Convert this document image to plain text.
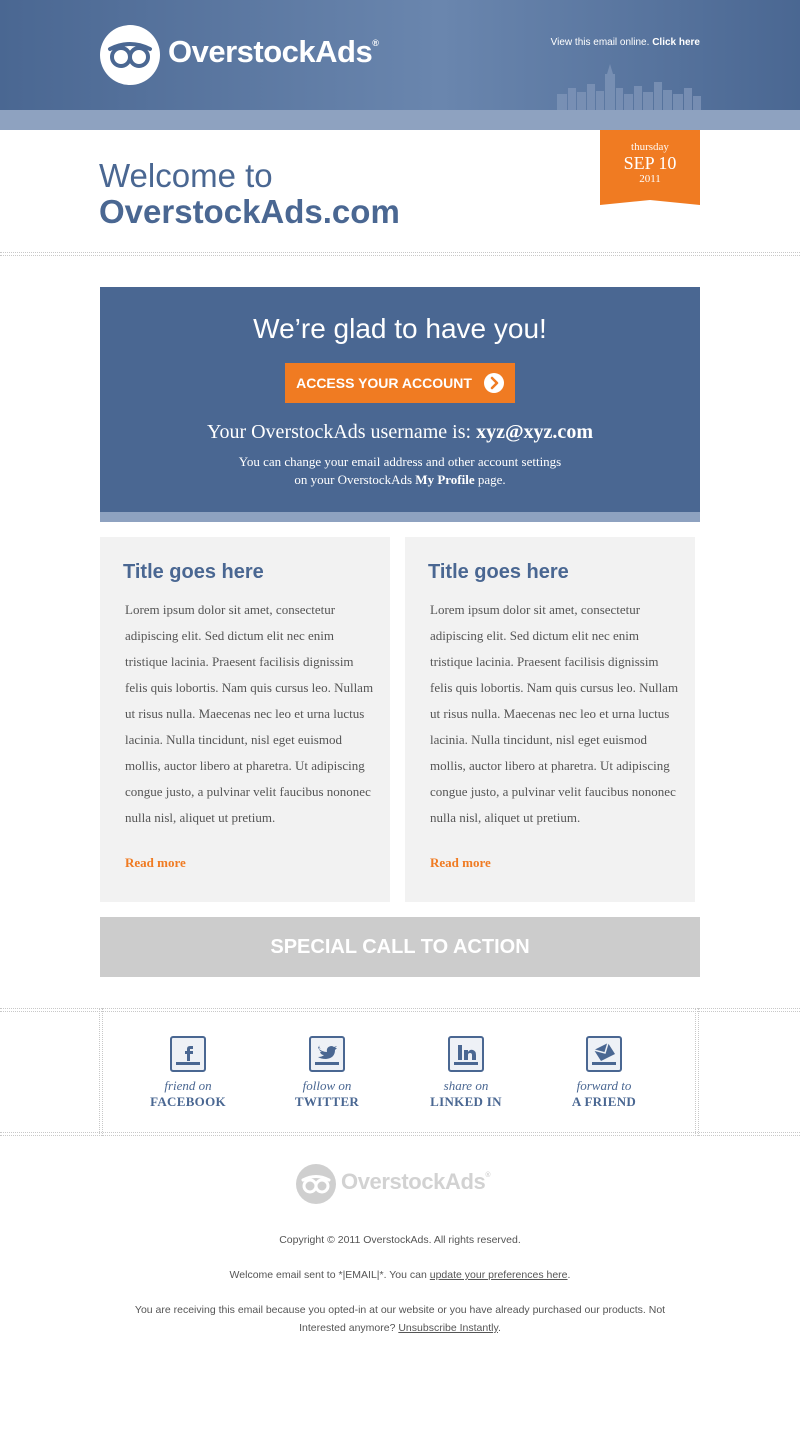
OverstockAds®	View this email online. Click here
thursday
SEP 10
2011
Welcome to
OverstockAds.com
We’re glad to have you!
ACCESS YOUR ACCOUNT
Your OverstockAds username is: xyz@xyz.com
You can change your email address and other account settings
on your OverstockAds My Profile page.
Title goes here
Lorem ipsum dolor sit amet, consectetur adipiscing elit. Sed dictum elit nec enim tristique lacinia. Praesent facilisis dignissim felis quis lobortis. Nam quis cursus leo. Nullam ut risus nulla. Maecenas nec leo et urna luctus lacinia. Nulla tincidunt, nisl eget euismod mollis, auctor libero at pharetra. Ut adipiscing congue justo, a pulvinar velit faucibus nononec nulla nisl, aliquet ut pretium.
Read more
Title goes here
Lorem ipsum dolor sit amet, consectetur adipiscing elit. Sed dictum elit nec enim tristique lacinia. Praesent facilisis dignissim felis quis lobortis. Nam quis cursus leo. Nullam ut risus nulla. Maecenas nec leo et urna luctus lacinia. Nulla tincidunt, nisl eget euismod mollis, auctor libero at pharetra. Ut adipiscing congue justo, a pulvinar velit faucibus nononec nulla nisl, aliquet ut pretium.
Read more
SPECIAL CALL TO ACTION
friend on
FACEBOOK
follow on
TWITTER
share on
LINKED IN
forward to
A FRIEND
OverstockAds®
Copyright © 2011 OverstockAds. All rights reserved.
Welcome email sent to *|EMAIL|*. You can update your preferences here.
You are receiving this email because you opted-in at our website or you have already purchased our products. Not
Interested anymore? Unsubscribe Instantly.
